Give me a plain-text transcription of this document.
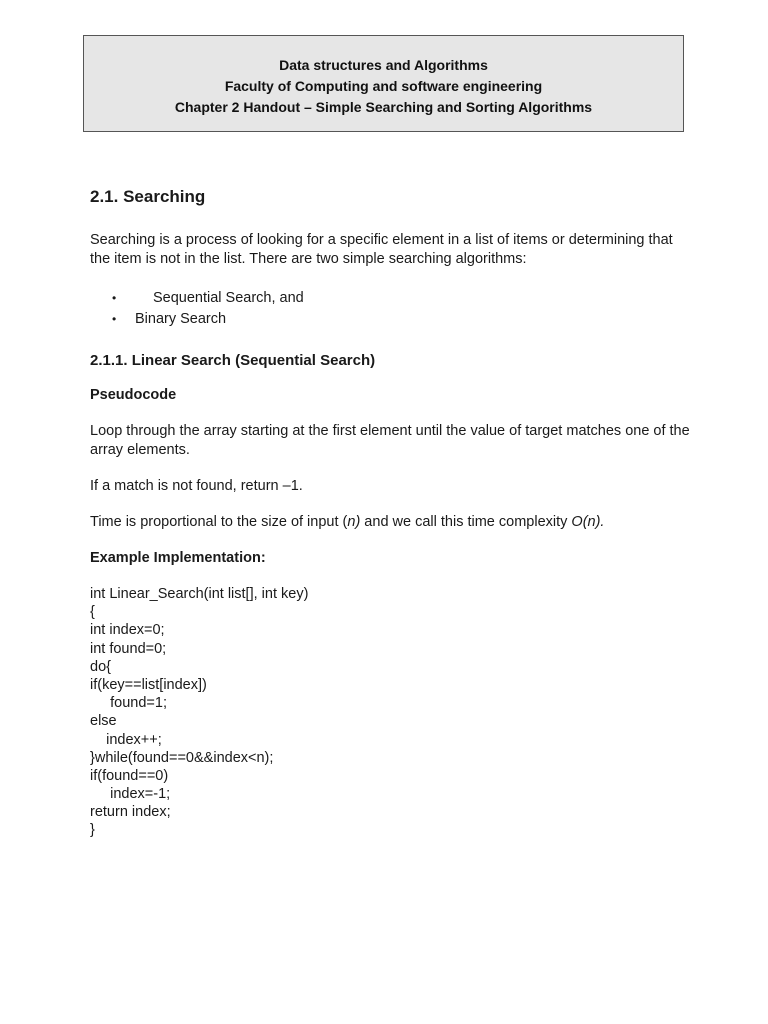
Data structures and Algorithms
Faculty of Computing and software engineering
Chapter 2 Handout – Simple Searching and Sorting Algorithms
2.1. Searching

Searching is a process of looking for a specific element in a list of items or determining that the item is not in the list. There are two simple searching algorithms:

•	Sequential Search, and
• Binary Search
2.1.1. Linear Search (Sequential Search)
Pseudocode

Loop through the array starting at the first element until the value of target matches one of the array elements.

If a match is not found, return –1.

Time is proportional to the size of input (n) and we call this time complexity O(n).

Example Implementation:
int Linear_Search(int list[], int key)
{
int index=0;
int found=0;
do{
if(key==list[index])
found=1;
else
index++;
}while(found==0&&index<n);
if(found==0)
index=-1;
return index;
}
